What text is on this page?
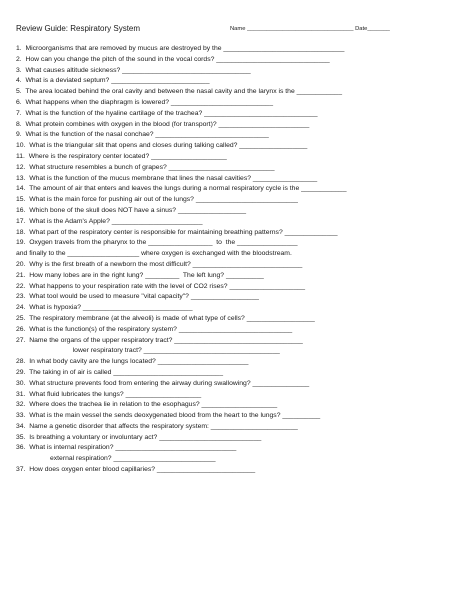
Review Guide: Respiratory System	Name _________________________________ Date_______
1.  Microorganisms that are removed by mucus are destroyed by the ________________________________
2.  How can you change the pitch of the sound in the vocal cords? ______________________________
3.  What causes altitude sickness? __________________________________
4.  What is a deviated septum? __________________________
5.  The area located behind the oral cavity and between the nasal cavity and the larynx is the ____________
6.  What happens when the diaphragm is lowered? ___________________________
7.  What is the function of the hyaline cartilage of the trachea? ______________________________
8.  What protein combines with oxygen in the blood (for transport)? ________________________
9.  What is the function of the nasal conchae? ______________________________
10.  What is the triangular slit that opens and closes during talking called? __________________
11.  Where is the respiratory center located? ____________________
12.  What structure resembles a bunch of grapes? ____________________________
13.  What is the function of the mucus membrane that lines the nasal cavities? _________________
14.  The amount of air that enters and leaves the lungs during a normal respiratory cycle is the ____________
15.  What is the main force for pushing air out of the lungs? ___________________________
16.  Which bone of the skull does NOT have a sinus? __________________
17.  What is the Adam's Apple? ________________________
18.  What part of the respiratory center is responsible for maintaining breathing patterns? ______________
19.  Oxygen travels from the pharynx to the _________________  to  the ________________
and finally to the ___________________ where oxygen is exchanged with the bloodstream.
20.  Why is the first breath of a newborn the most difficult? _____________________________
21.  How many lobes are in the right lung? _________  The left lung? __________
22.  What happens to your respiration rate with the level of CO2 rises? ____________________
23.  What tool would be used to measure "vital capacity"? __________________
24.  What is hypoxia? _____________________________
25.  The respiratory membrane (at the alveoli) is made of what type of cells? __________________
26.  What is the function(s) of the respiratory system? ______________________________
27.  Name the organs of the upper respiratory tract? __________________________________
lower respiratory tract? ____________________________________
28.  In what body cavity are the lungs located? ________________________
29.  The taking in of air is called _____________________________
30.  What structure prevents food from entering the airway during swallowing? _______________
31.  What fluid lubricates the lungs? ____________________
32.  Where does the trachea lie in relation to the esophagus? ____________________
33.  What is the main vessel the sends deoxygenated blood from the heart to the lungs? __________
34.  Name a genetic disorder that affects the respiratory system: _______________________
35.  Is breathing a voluntary or involuntary act? ___________________________
36.  What is internal respiration? ________________________________
external respiration? ___________________________
37.  How does oxygen enter blood capillaries? __________________________
